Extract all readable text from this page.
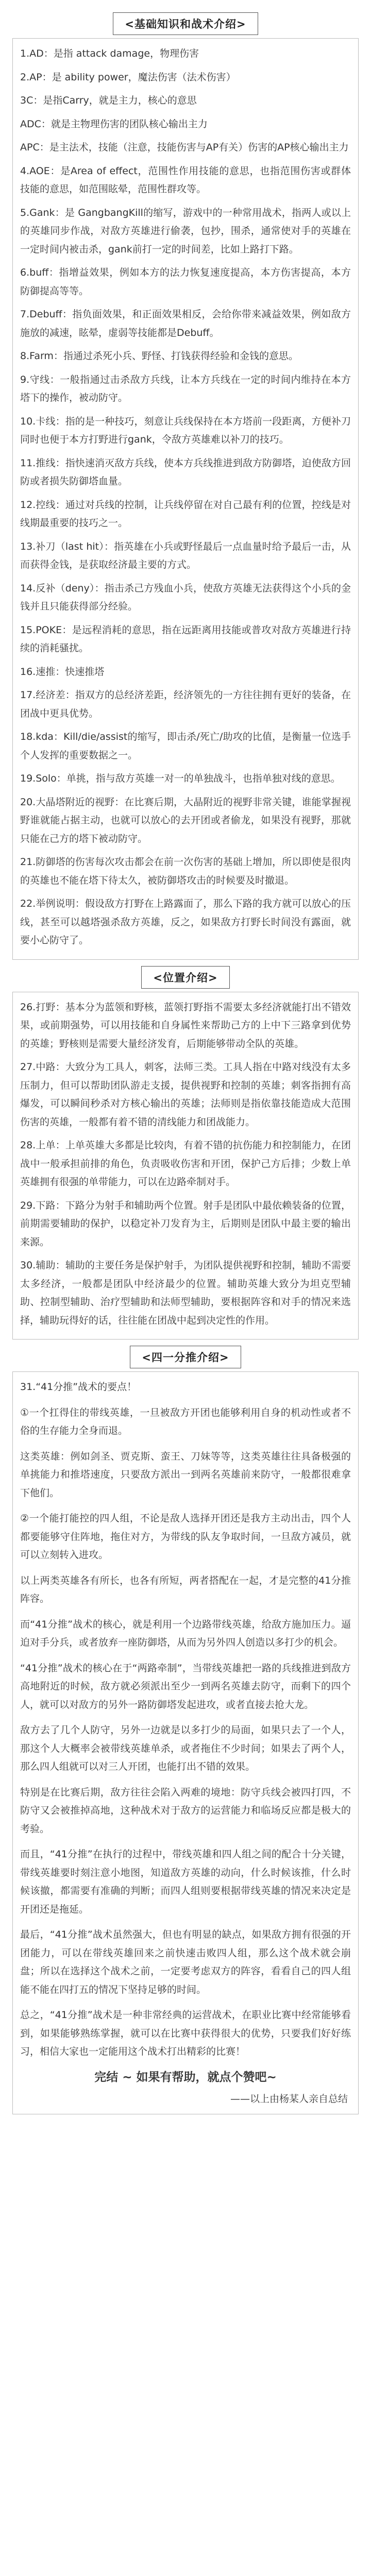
<基础知识和战术介绍>

1.AD：是指 attack damage，物理伤害

2.AP：是 ability power，魔法伤害（法术伤害）

3C：是指Carry，就是主力，核心的意思

ADC：就是主物理伤害的团队核心输出主力

APC：是主法术，技能（注意，技能伤害与AP有关）伤害的AP核心输出主力

4.AOE：是Area of effect，范围性作用技能的意思，也指范围伤害或群体技能的意思，如范围眩晕，范围性群攻等。

5.Gank：是 GangbangKill的缩写，游戏中的一种常用战术，指两人或以上的英雄同步作战，对敌方英雄进行偷袭，包抄，围杀，通常使对手的英雄在一定时间内被击杀，gank前打一定的时间差，比如上路打下路。

6.buff：指增益效果，例如本方的法力恢复速度提高，本方伤害提高，本方防御提高等等。

7.Debuff：指负面效果，和正面效果相反，会给你带来减益效果，例如敌方施放的减速，眩晕，虚弱等技能都是Debuff。

8.Farm：指通过杀死小兵、野怪、打钱获得经验和金钱的意思。

9.守线：一般指通过击杀敌方兵线，让本方兵线在一定的时间内维持在本方塔下的操作，被动防守。

10.卡线：指的是一种技巧，刻意让兵线保持在本方塔前一段距离，方便补刀同时也便于本方打野进行gank，令敌方英雄难以补刀的技巧。

11.推线：指快速消灭敌方兵线，使本方兵线推进到敌方防御塔，迫使敌方回防或者损失防御塔血量。

12.控线：通过对兵线的控制，让兵线停留在对自己最有利的位置，控线是对线期最重要的技巧之一。

13.补刀（last hit）：指英雄在小兵或野怪最后一点血量时给予最后一击，从而获得金钱，是获取经济最主要的方式。

14.反补（deny）：指击杀己方残血小兵，使敌方英雄无法获得这个小兵的金钱并且只能获得部分经验。

15.POKE：是远程消耗的意思，指在远距离用技能或普攻对敌方英雄进行持续的消耗骚扰。

16.速推：快速推塔

17.经济差：指双方的总经济差距，经济领先的一方往往拥有更好的装备，在团战中更具优势。

18.kda：Kill/die/assist的缩写，即击杀/死亡/助攻的比值，是衡量一位选手个人发挥的重要数据之一。

19.Solo：单挑，指与敌方英雄一对一的单独战斗，也指单独对线的意思。

20.大晶塔附近的视野：在比赛后期，大晶附近的视野非常关键，谁能掌握视野谁就能占据主动，也就可以放心的去开团或者偷龙，如果没有视野，那就只能在己方的塔下被动防守。

21.防御塔的伤害每次攻击都会在前一次伤害的基础上增加，所以即使是很肉的英雄也不能在塔下待太久，被防御塔攻击的时候要及时撤退。

22.举例说明：假设敌方打野在上路露面了，那么下路的我方就可以放心的压线，甚至可以越塔强杀敌方英雄，反之，如果敌方打野长时间没有露面，就要小心防守了。

<位置介绍>

26.打野：基本分为蓝领和野核，蓝领打野指不需要太多经济就能打出不错效果，或前期强势，可以用技能和自身属性来帮助己方的上中下三路拿到优势的英雄；野核则是需要大量经济发育，后期能够带动全队的英雄。

27.中路：大致分为工具人，刺客，法师三类。工具人指在中路对线没有太多压制力，但可以帮助团队游走支援，提供视野和控制的英雄；刺客指拥有高爆发，可以瞬间秒杀对方核心输出的英雄；法师则是指依靠技能造成大范围伤害的英雄，一般都有着不错的清线能力和团战能力。

28.上单：上单英雄大多都是比较肉，有着不错的抗伤能力和控制能力，在团战中一般承担前排的角色，负责吸收伤害和开团，保护己方后排；少数上单英雄拥有很强的单带能力，可以在边路牵制对手。

29.下路：下路分为射手和辅助两个位置。射手是团队中最依赖装备的位置，前期需要辅助的保护，以稳定补刀发育为主，后期则是团队中最主要的输出来源。

30.辅助：辅助的主要任务是保护射手，为团队提供视野和控制，辅助不需要太多经济，一般都是团队中经济最少的位置。辅助英雄大致分为坦克型辅助、控制型辅助、治疗型辅助和法师型辅助，要根据阵容和对手的情况来选择，辅助玩得好的话，往往能在团战中起到决定性的作用。

<四一分推介绍>

31.“41分推”战术的要点！

①一个扛得住的带线英雄，一旦被敌方开团也能够利用自身的机动性或者不俗的生存能力全身而退。

这类英雄：例如剑圣、贾克斯、蛮王、刀妹等等，这类英雄往往具备极强的单挑能力和推塔速度，只要敌方派出一到两名英雄前来防守，一般都很难拿下他们。

②一个能打能控的四人组，不论是敌人选择开团还是我方主动出击，四个人都要能够守住阵地，拖住对方，为带线的队友争取时间，一旦敌方减员，就可以立刻转入进攻。

以上两类英雄各有所长，也各有所短，两者搭配在一起，才是完整的41分推阵容。

而“41分推”战术的核心，就是利用一个边路带线英雄，给敌方施加压力。逼迫对手分兵，或者放弃一座防御塔，从而为另外四人创造以多打少的机会。

“41分推”战术的核心在于“两路牵制”，当带线英雄把一路的兵线推进到敌方高地附近的时候，敌方就必须派出至少一到两名英雄去防守，而剩下的四个人，就可以对敌方的另外一路防御塔发起进攻，或者直接去抢大龙。

敌方去了几个人防守，另外一边就是以多打少的局面，如果只去了一个人，那这个人大概率会被带线英雄单杀，或者拖住不少时间；如果去了两个人，那么四人组就可以对三人开团，也能打出不错的效果。

特别是在比赛后期，敌方往往会陷入两难的境地：防守兵线会被四打四，不防守又会被推掉高地，这种战术对于敌方的运营能力和临场反应都是极大的考验。

而且，“41分推”在执行的过程中，带线英雄和四人组之间的配合十分关键，带线英雄要时刻注意小地图，知道敌方英雄的动向，什么时候该推，什么时候该撤，都需要有准确的判断；而四人组则要根据带线英雄的情况来决定是开团还是拖延。

最后，“41分推”战术虽然强大，但也有明显的缺点，如果敌方拥有很强的开团能力，可以在带线英雄回来之前快速击败四人组，那么这个战术就会崩盘；所以在选择这个战术之前，一定要考虑双方的阵容，看看自己的四人组能不能在四打五的情况下坚持足够的时间。

总之，“41分推”战术是一种非常经典的运营战术，在职业比赛中经常能够看到，如果能够熟练掌握，就可以在比赛中获得很大的优势，只要我们好好练习，相信大家也一定能用这个战术打出精彩的比赛！

完结 ~ 如果有帮助，就点个赞吧~
——以上由杨某人亲自总结
